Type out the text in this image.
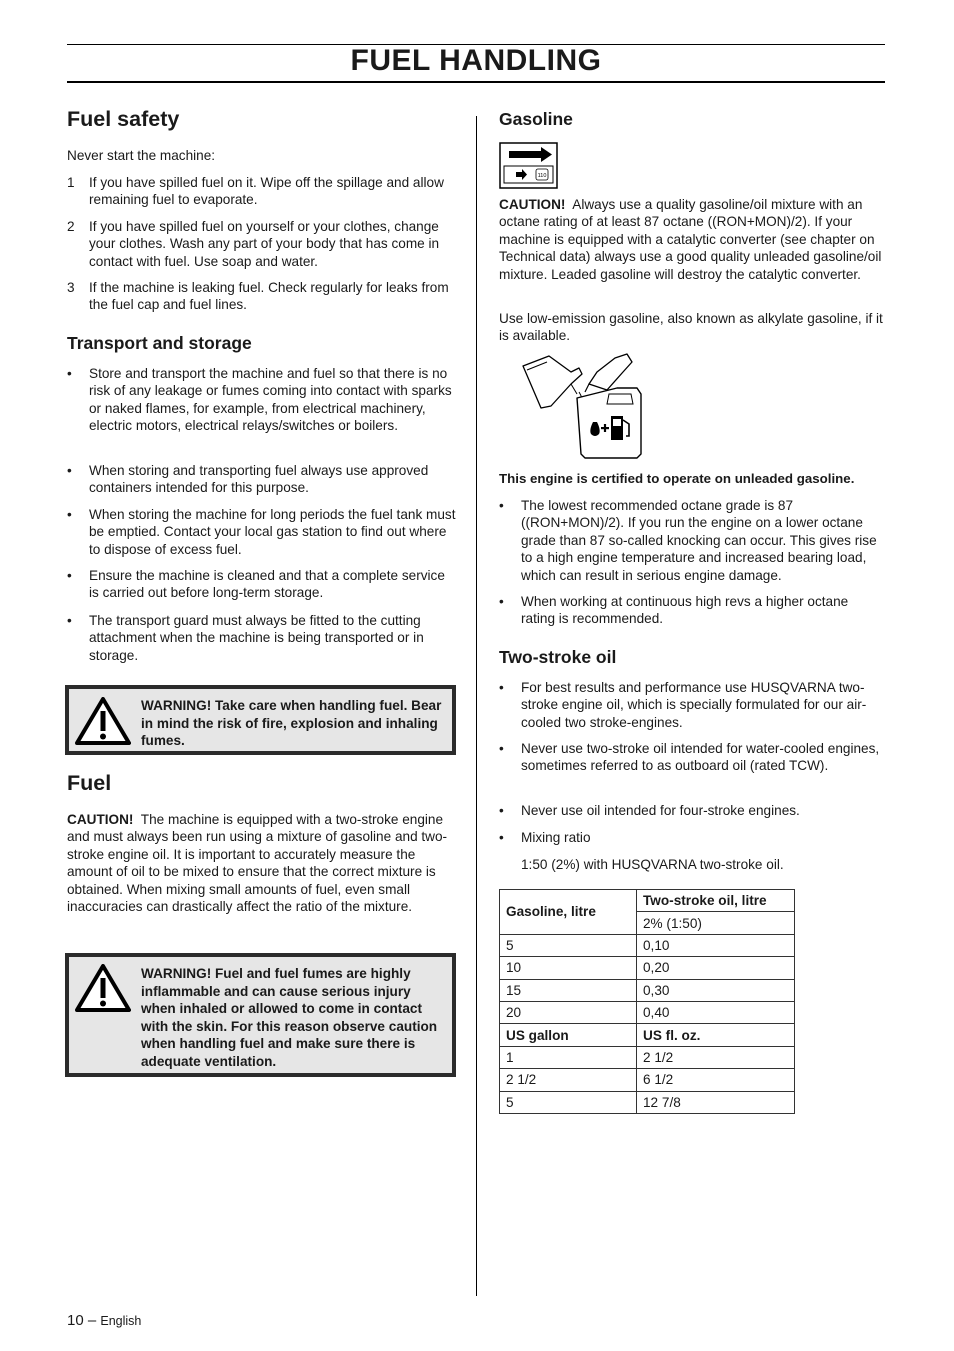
FUEL HANDLING
Fuel safety
Never start the machine:
1 If you have spilled fuel on it. Wipe off the spillage and allow remaining fuel to evaporate.
2 If you have spilled fuel on yourself or your clothes, change your clothes. Wash any part of your body that has come in contact with fuel. Use soap and water.
3 If the machine is leaking fuel. Check regularly for leaks from the fuel cap and fuel lines.
Transport and storage
• Store and transport the machine and fuel so that there is no risk of any leakage or fumes coming into contact with sparks or naked flames, for example, from electrical machinery, electric motors, electrical relays/switches or boilers.
• When storing and transporting fuel always use approved containers intended for this purpose.
• When storing the machine for long periods the fuel tank must be emptied. Contact your local gas station to find out where to dispose of excess fuel.
• Ensure the machine is cleaned and that a complete service is carried out before long-term storage.
• The transport guard must always be fitted to the cutting attachment when the machine is being transported or in storage.
WARNING! Take care when handling fuel. Bear in mind the risk of fire, explosion and inhaling fumes.
Fuel
CAUTION! The machine is equipped with a two-stroke engine and must always been run using a mixture of gasoline and two-stroke engine oil. It is important to accurately measure the amount of oil to be mixed to ensure that the correct mixture is obtained. When mixing small amounts of fuel, even small inaccuracies can drastically affect the ratio of the mixture.
WARNING! Fuel and fuel fumes are highly inflammable and can cause serious injury when inhaled or allowed to come in contact with the skin. For this reason observe caution when handling fuel and make sure there is adequate ventilation.
Gasoline
110
CAUTION! Always use a quality gasoline/oil mixture with an octane rating of at least 87 octane ((RON+MON)/2). If your machine is equipped with a catalytic converter (see chapter on Technical data) always use a good quality unleaded gasoline/oil mixture. Leaded gasoline will destroy the catalytic converter.
Use low-emission gasoline, also known as alkylate gasoline, if it is available.
This engine is certified to operate on unleaded gasoline.
• The lowest recommended octane grade is 87 ((RON+MON)/2). If you run the engine on a lower octane grade than 87 so-called knocking can occur. This gives rise to a high engine temperature and increased bearing load, which can result in serious engine damage.
• When working at continuous high revs a higher octane rating is recommended.
Two-stroke oil
• For best results and performance use HUSQVARNA two-stroke engine oil, which is specially formulated for our air-cooled two stroke-engines.
• Never use two-stroke oil intended for water-cooled engines, sometimes referred to as outboard oil (rated TCW).
• Never use oil intended for four-stroke engines.
• Mixing ratio
1:50 (2%) with HUSQVARNA two-stroke oil.
Gasoline, litre	Two-stroke oil, litre
	2% (1:50)
5	0,10
10	0,20
15	0,30
20	0,40
US gallon	US fl. oz.
1	2 1/2
2 1/2	6 1/2
5	12 7/8
10 – English
